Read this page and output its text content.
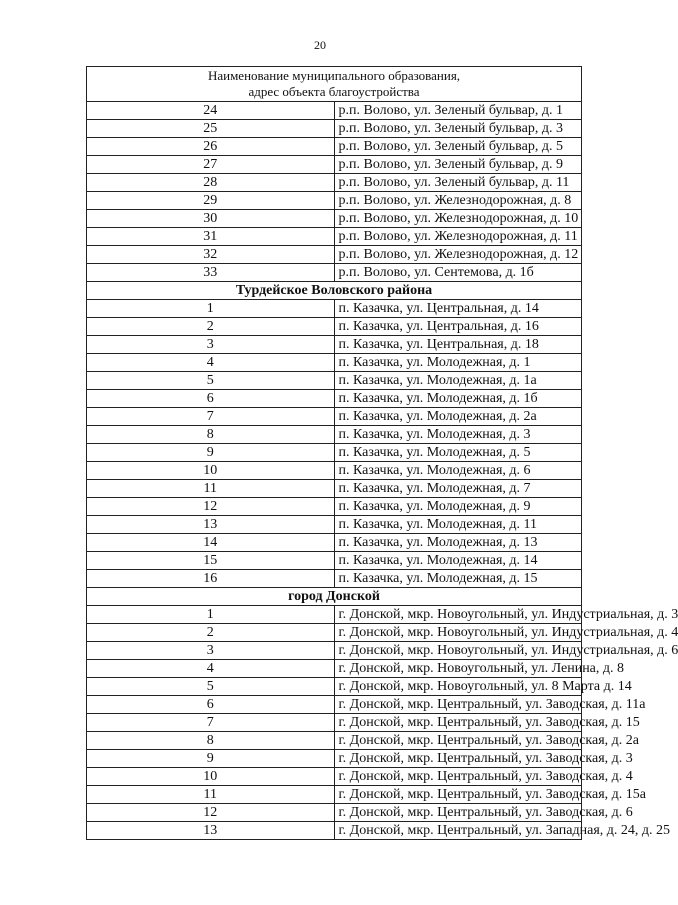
20
Наименование муниципального образования,
адрес объекта благоустройства	

24	р.п. Волово, ул. Зеленый бульвар, д. 1
25	р.п. Волово, ул. Зеленый бульвар, д. 3
26	р.п. Волово, ул. Зеленый бульвар, д. 5
27	р.п. Волово, ул. Зеленый бульвар, д. 9
28	р.п. Волово, ул. Зеленый бульвар, д. 11
29	р.п. Волово, ул. Железнодорожная, д. 8
30	р.п. Волово, ул. Железнодорожная, д. 10
31	р.п. Волово, ул. Железнодорожная, д. 11
32	р.п. Волово, ул. Железнодорожная, д. 12
33	р.п. Волово, ул. Сентемова, д. 1б
Турдейское Воловского района	
1	п. Казачка, ул. Центральная, д. 14
2	п. Казачка, ул. Центральная, д. 16
3	п. Казачка, ул. Центральная, д. 18
4	п. Казачка, ул. Молодежная, д. 1
5	п. Казачка, ул. Молодежная, д. 1а
6	п. Казачка, ул. Молодежная, д. 1б
7	п. Казачка, ул. Молодежная, д. 2а
8	п. Казачка, ул. Молодежная, д. 3
9	п. Казачка, ул. Молодежная, д. 5
10	п. Казачка, ул. Молодежная, д. 6
11	п. Казачка, ул. Молодежная, д. 7
12	п. Казачка, ул. Молодежная, д. 9
13	п. Казачка, ул. Молодежная, д. 11
14	п. Казачка, ул. Молодежная, д. 13
15	п. Казачка, ул. Молодежная, д. 14
16	п. Казачка, ул. Молодежная, д. 15
город Донской	
1	г. Донской, мкр. Новоугольный, ул. Индустриальная, д. 3
2	г. Донской, мкр. Новоугольный, ул. Индустриальная, д. 4
3	г. Донской, мкр. Новоугольный, ул. Индустриальная, д. 6
4	г. Донской, мкр. Новоугольный, ул. Ленина, д. 8
5	г. Донской, мкр. Новоугольный, ул. 8 Марта д. 14
6	г. Донской, мкр. Центральный, ул. Заводская, д. 11а
7	г. Донской, мкр. Центральный, ул. Заводская, д. 15
8	г. Донской, мкр. Центральный, ул. Заводская, д. 2а
9	г. Донской, мкр. Центральный, ул. Заводская, д. 3
10	г. Донской, мкр. Центральный, ул. Заводская, д. 4
11	г. Донской, мкр. Центральный, ул. Заводская, д. 15а
12	г. Донской, мкр. Центральный, ул. Заводская, д. 6
13	г. Донской, мкр. Центральный, ул. Западная, д. 24, д. 25
